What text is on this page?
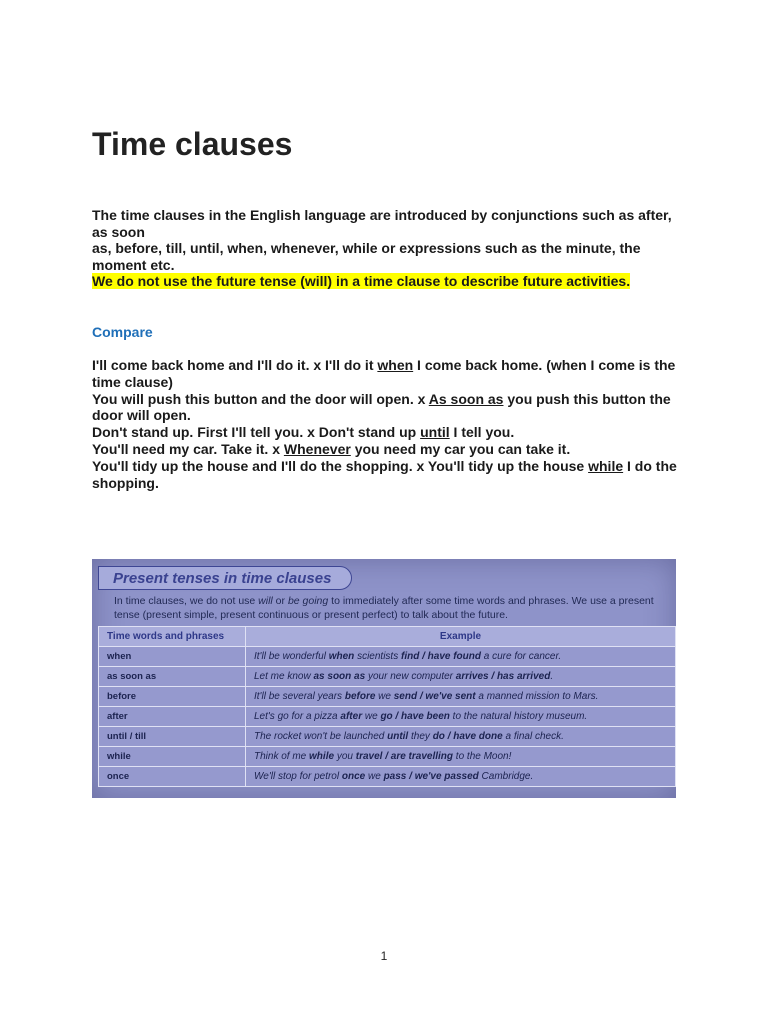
Time clauses

The time clauses in the English language are introduced by conjunctions such as after, as soon

as, before, till, until, when, whenever, while or expressions such as the minute, the moment etc.

We do not use the future tense (will) in a time clause to describe future activities.

Compare

I'll come back home and I'll do it. x I'll do it when I come back home. (when I come is the time clause)

You will push this button and the door will open. x As soon as you push this button the door will open.

Don't stand up. First I'll tell you. x Don't stand up until I tell you.

You'll need my car. Take it. x Whenever you need my car you can take it.

You'll tidy up the house and I'll do the shopping. x You'll tidy up the house while I do the shopping.

Present tenses in time clauses
In time clauses, we do not use will or be going to immediately after some time words and phrases. We use a present tense (present simple, present continuous or present perfect) to talk about the future.
Time words and phrases	Example
when	It'll be wonderful when scientists find / have found a cure for cancer.
as soon as	Let me know as soon as your new computer arrives / has arrived.
before	It'll be several years before we send / we've sent a manned mission to Mars.
after	Let's go for a pizza after we go / have been to the natural history museum.
until / till	The rocket won't be launched until they do / have done a final check.
while	Think of me while you travel / are travelling to the Moon!
once	We'll stop for petrol once we pass / we've passed Cambridge.
1
